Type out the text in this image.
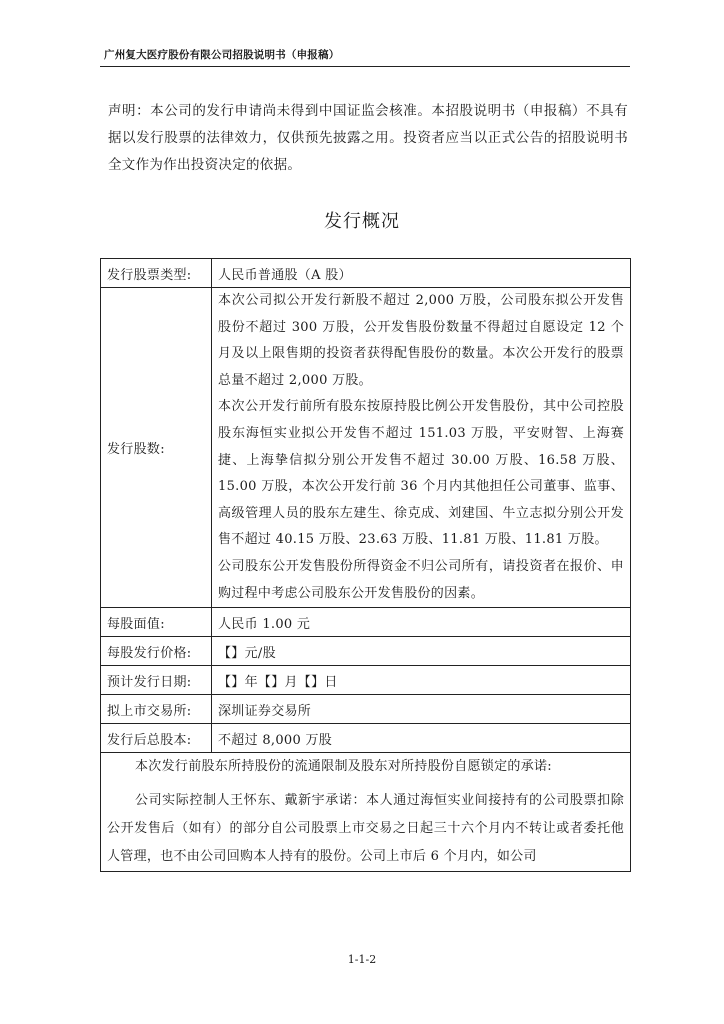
广州复大医疗股份有限公司招股说明书（申报稿）
声明：本公司的发行申请尚未得到中国证监会核准。本招股说明书（申报稿）不具有据以发行股票的法律效力，仅供预先披露之用。投资者应当以正式公告的招股说明书全文作为作出投资决定的依据。
发行概况
发行股票类型:	人民币普通股（A 股）
发行股数:	本次公司拟公开发行新股不超过 2,000 万股，公司股东拟公开发售股份不超过 300 万股，公开发售股份数量不得超过自愿设定 12 个月及以上限售期的投资者获得配售股份的数量。本次公开发行的股票总量不超过 2,000 万股。
本次公开发行前所有股东按原持股比例公开发售股份，其中公司控股股东海恒实业拟公开发售不超过 151.03 万股，平安财智、上海赛捷、上海挚信拟分别公开发售不超过 30.00 万股、16.58 万股、15.00 万股，本次公开发行前 36 个月内其他担任公司董事、监事、高级管理人员的股东左建生、徐克成、刘建国、牛立志拟分别公开发售不超过 40.15 万股、23.63 万股、11.81 万股、11.81 万股。
公司股东公开发售股份所得资金不归公司所有，请投资者在报价、申购过程中考虑公司股东公开发售股份的因素。

每股面值:	人民币 1.00 元
每股发行价格:	【】元/股
预计发行日期:	【】年【】月【】日
拟上市交易所:	深圳证券交易所
发行后总股本:	不超过 8,000 万股

本次发行前股东所持股份的流通限制及股东对所持股份自愿锁定的承诺:

公司实际控制人王怀东、戴新宇承诺：本人通过海恒实业间接持有的公司股票扣除公开发售后（如有）的部分自公司股票上市交易之日起三十六个月内不转让或者委托他人管理，也不由公司回购本人持有的股份。公司上市后 6 个月内，如公司	

1-1-2
